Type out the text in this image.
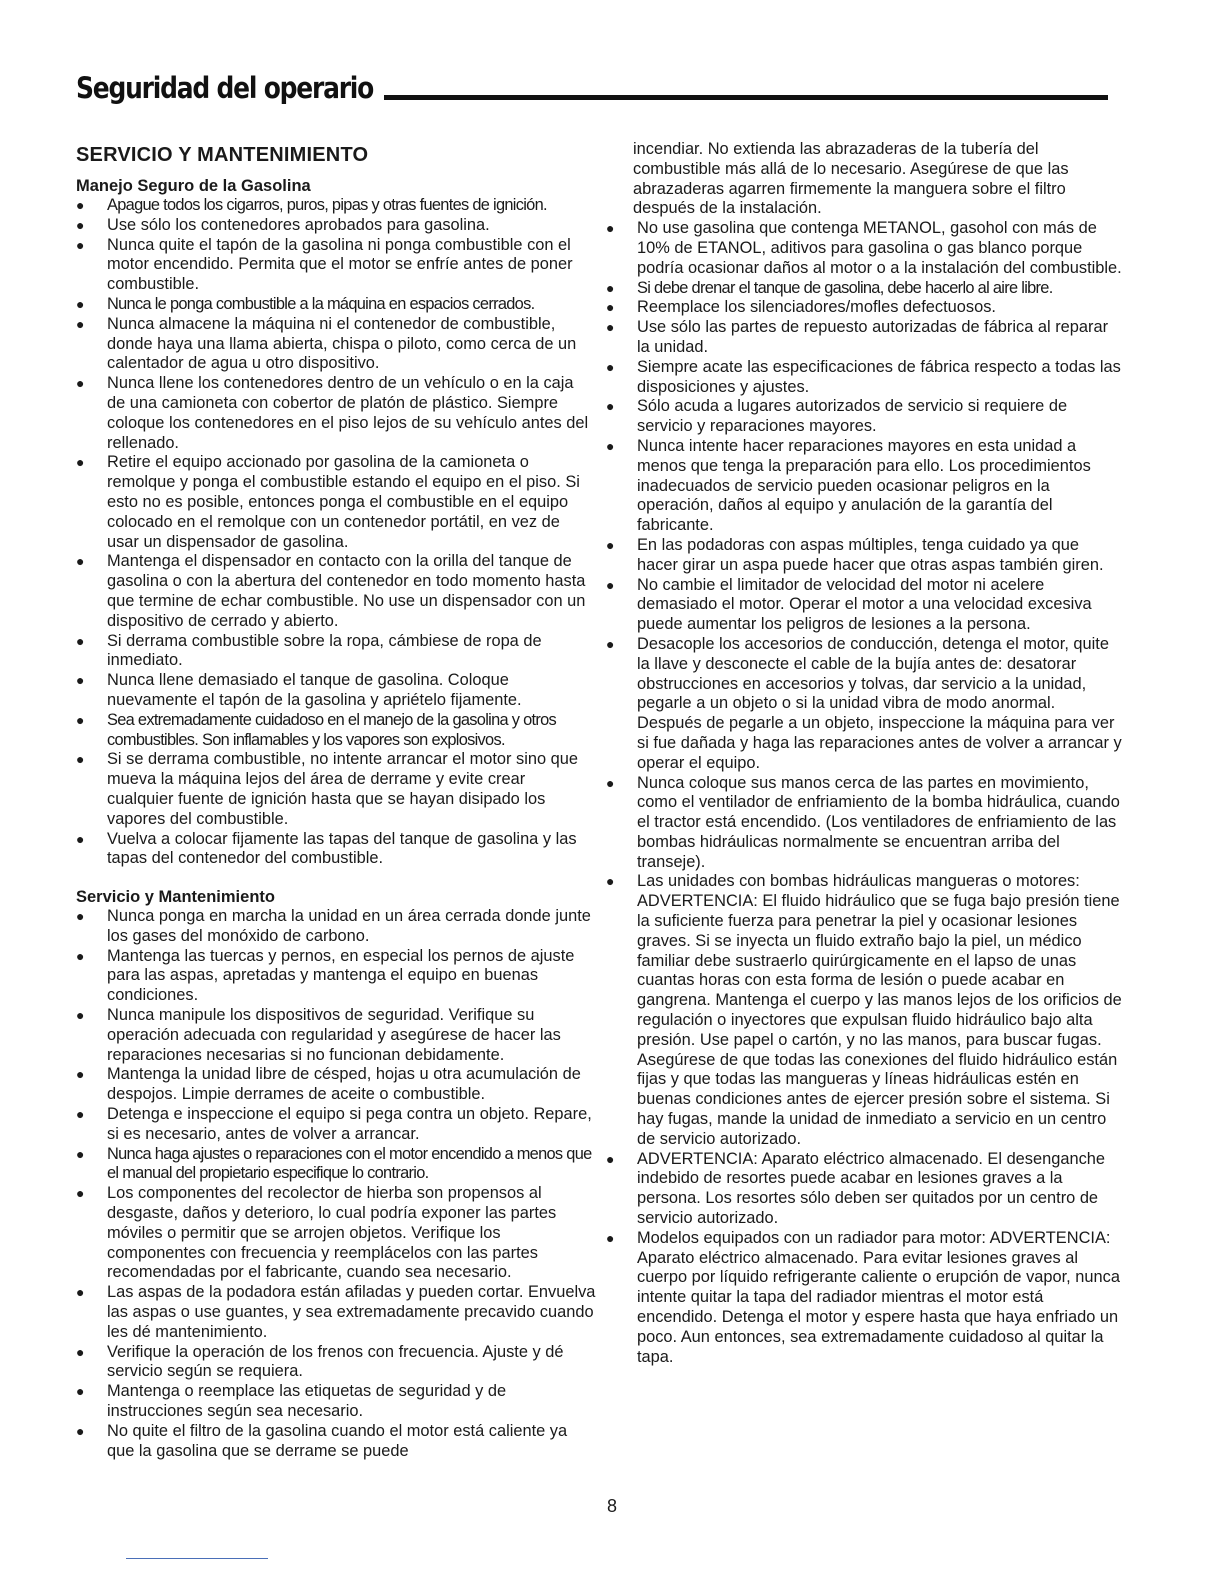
Seguridad del operario
SERVICIO Y MANTENIMIENTO
Manejo Seguro de la Gasolina
● Apague todos los cigarros, puros, pipas y otras fuentes de ignición.
● Use sólo los contenedores aprobados para gasolina.
● Nunca quite el tapón de la gasolina ni ponga combustible con el motor encendido. Permita que el motor se enfríe antes de poner combustible.
● Nunca le ponga combustible a la máquina en espacios cerrados.
● Nunca almacene la máquina ni el contenedor de combustible, donde haya una llama abierta, chispa o piloto, como cerca de un calentador de agua u otro dispositivo.
● Nunca llene los contenedores dentro de un vehículo o en la caja de una camioneta con cobertor de platón de plástico. Siempre coloque los contenedores en el piso lejos de su vehículo antes del rellenado.
● Retire el equipo accionado por gasolina de la camioneta o remolque y ponga el combustible estando el equipo en el piso. Si esto no es posible, entonces ponga el combustible en el equipo colocado en el remolque con un contenedor portátil, en vez de usar un dispensador de gasolina.
● Mantenga el dispensador en contacto con la orilla del tanque de gasolina o con la abertura del contenedor en todo momento hasta que termine de echar combustible. No use un dispensador con un dispositivo de cerrado y abierto.
● Si derrama combustible sobre la ropa, cámbiese de ropa de inmediato.
● Nunca llene demasiado el tanque de gasolina. Coloque nuevamente el tapón de la gasolina y apriételo fijamente.
● Sea extremadamente cuidadoso en el manejo de la gasolina y otros combustibles. Son inflamables y los vapores son explosivos.
● Si se derrama combustible, no intente arrancar el motor sino que mueva la máquina lejos del área de derrame y evite crear cualquier fuente de ignición hasta que se hayan disipado los vapores del combustible.
● Vuelva a colocar fijamente las tapas del tanque de gasolina y las tapas del contenedor del combustible.
Servicio y Mantenimiento
● Nunca ponga en marcha la unidad en un área cerrada donde junte los gases del monóxido de carbono.
● Mantenga las tuercas y pernos, en especial los pernos de ajuste para las aspas, apretadas y mantenga el equipo en buenas condiciones.
● Nunca manipule los dispositivos de seguridad. Verifique su operación adecuada con regularidad y asegúrese de hacer las reparaciones necesarias si no funcionan debidamente.
● Mantenga la unidad libre de césped, hojas u otra acumulación de despojos. Limpie derrames de aceite o combustible.
● Detenga e inspeccione el equipo si pega contra un objeto. Repare, si es necesario, antes de volver a arrancar.
● Nunca haga ajustes o reparaciones con el motor encendido a menos que el manual del propietario especifique lo contrario.
● Los componentes del recolector de hierba son propensos al desgaste, daños y deterioro, lo cual podría exponer las partes móviles o permitir que se arrojen objetos. Verifique los componentes con frecuencia y reemplácelos con las partes recomendadas por el fabricante, cuando sea necesario.
● Las aspas de la podadora están afiladas y pueden cortar. Envuelva las aspas o use guantes, y sea extremadamente precavido cuando les dé mantenimiento.
● Verifique la operación de los frenos con frecuencia. Ajuste y dé servicio según se requiera.
● Mantenga o reemplace las etiquetas de seguridad y de instrucciones según sea necesario.
● No quite el filtro de la gasolina cuando el motor está caliente ya que la gasolina que se derrame se puede

incendiar. No extienda las abrazaderas de la tubería del combustible más allá de lo necesario. Asegúrese de que las abrazaderas agarren firmemente la manguera sobre el filtro después de la instalación.

● No use gasolina que contenga METANOL, gasohol con más de 10% de ETANOL, aditivos para gasolina o gas blanco porque podría ocasionar daños al motor o a la instalación del combustible.
● Si debe drenar el tanque de gasolina, debe hacerlo al aire libre.
● Reemplace los silenciadores/mofles defectuosos.
● Use sólo las partes de repuesto autorizadas de fábrica al reparar la unidad.
● Siempre acate las especificaciones de fábrica respecto a todas las disposiciones y ajustes.
● Sólo acuda a lugares autorizados de servicio si requiere de servicio y reparaciones mayores.
● Nunca intente hacer reparaciones mayores en esta unidad a menos que tenga la preparación para ello. Los procedimientos inadecuados de servicio pueden ocasionar peligros en la operación, daños al equipo y anulación de la garantía del fabricante.
● En las podadoras con aspas múltiples, tenga cuidado ya que hacer girar un aspa puede hacer que otras aspas también giren.
● No cambie el limitador de velocidad del motor ni acelere demasiado el motor. Operar el motor a una velocidad excesiva puede aumentar los peligros de lesiones a la persona.
● Desacople los accesorios de conducción, detenga el motor, quite la llave y desconecte el cable de la bujía antes de: desatorar obstrucciones en accesorios y tolvas, dar servicio a la unidad, pegarle a un objeto o si la unidad vibra de modo anormal. Después de pegarle a un objeto, inspeccione la máquina para ver si fue dañada y haga las reparaciones antes de volver a arrancar y operar el equipo.
● Nunca coloque sus manos cerca de las partes en movimiento, como el ventilador de enfriamiento de la bomba hidráulica, cuando el tractor está encendido. (Los ventiladores de enfriamiento de las bombas hidráulicas normalmente se encuentran arriba del transeje).
● Las unidades con bombas hidráulicas mangueras o motores: ADVERTENCIA: El fluido hidráulico que se fuga bajo presión tiene la suficiente fuerza para penetrar la piel y ocasionar lesiones graves. Si se inyecta un fluido extraño bajo la piel, un médico familiar debe sustraerlo quirúrgicamente en el lapso de unas cuantas horas con esta forma de lesión o puede acabar en gangrena. Mantenga el cuerpo y las manos lejos de los orificios de regulación o inyectores que expulsan fluido hidráulico bajo alta presión. Use papel o cartón, y no las manos, para buscar fugas. Asegúrese de que todas las conexiones del fluido hidráulico están fijas y que todas las mangueras y líneas hidráulicas estén en buenas condiciones antes de ejercer presión sobre el sistema. Si hay fugas, mande la unidad de inmediato a servicio en un centro de servicio autorizado.
● ADVERTENCIA: Aparato eléctrico almacenado. El desenganche indebido de resortes puede acabar en lesiones graves a la persona. Los resortes sólo deben ser quitados por un centro de servicio autorizado.
● Modelos equipados con un radiador para motor: ADVERTENCIA: Aparato eléctrico almacenado. Para evitar lesiones graves al cuerpo por líquido refrigerante caliente o erupción de vapor, nunca intente quitar la tapa del radiador mientras el motor está encendido. Detenga el motor y espere hasta que haya enfriado un poco. Aun entonces, sea extremadamente cuidadoso al quitar la tapa.
8
